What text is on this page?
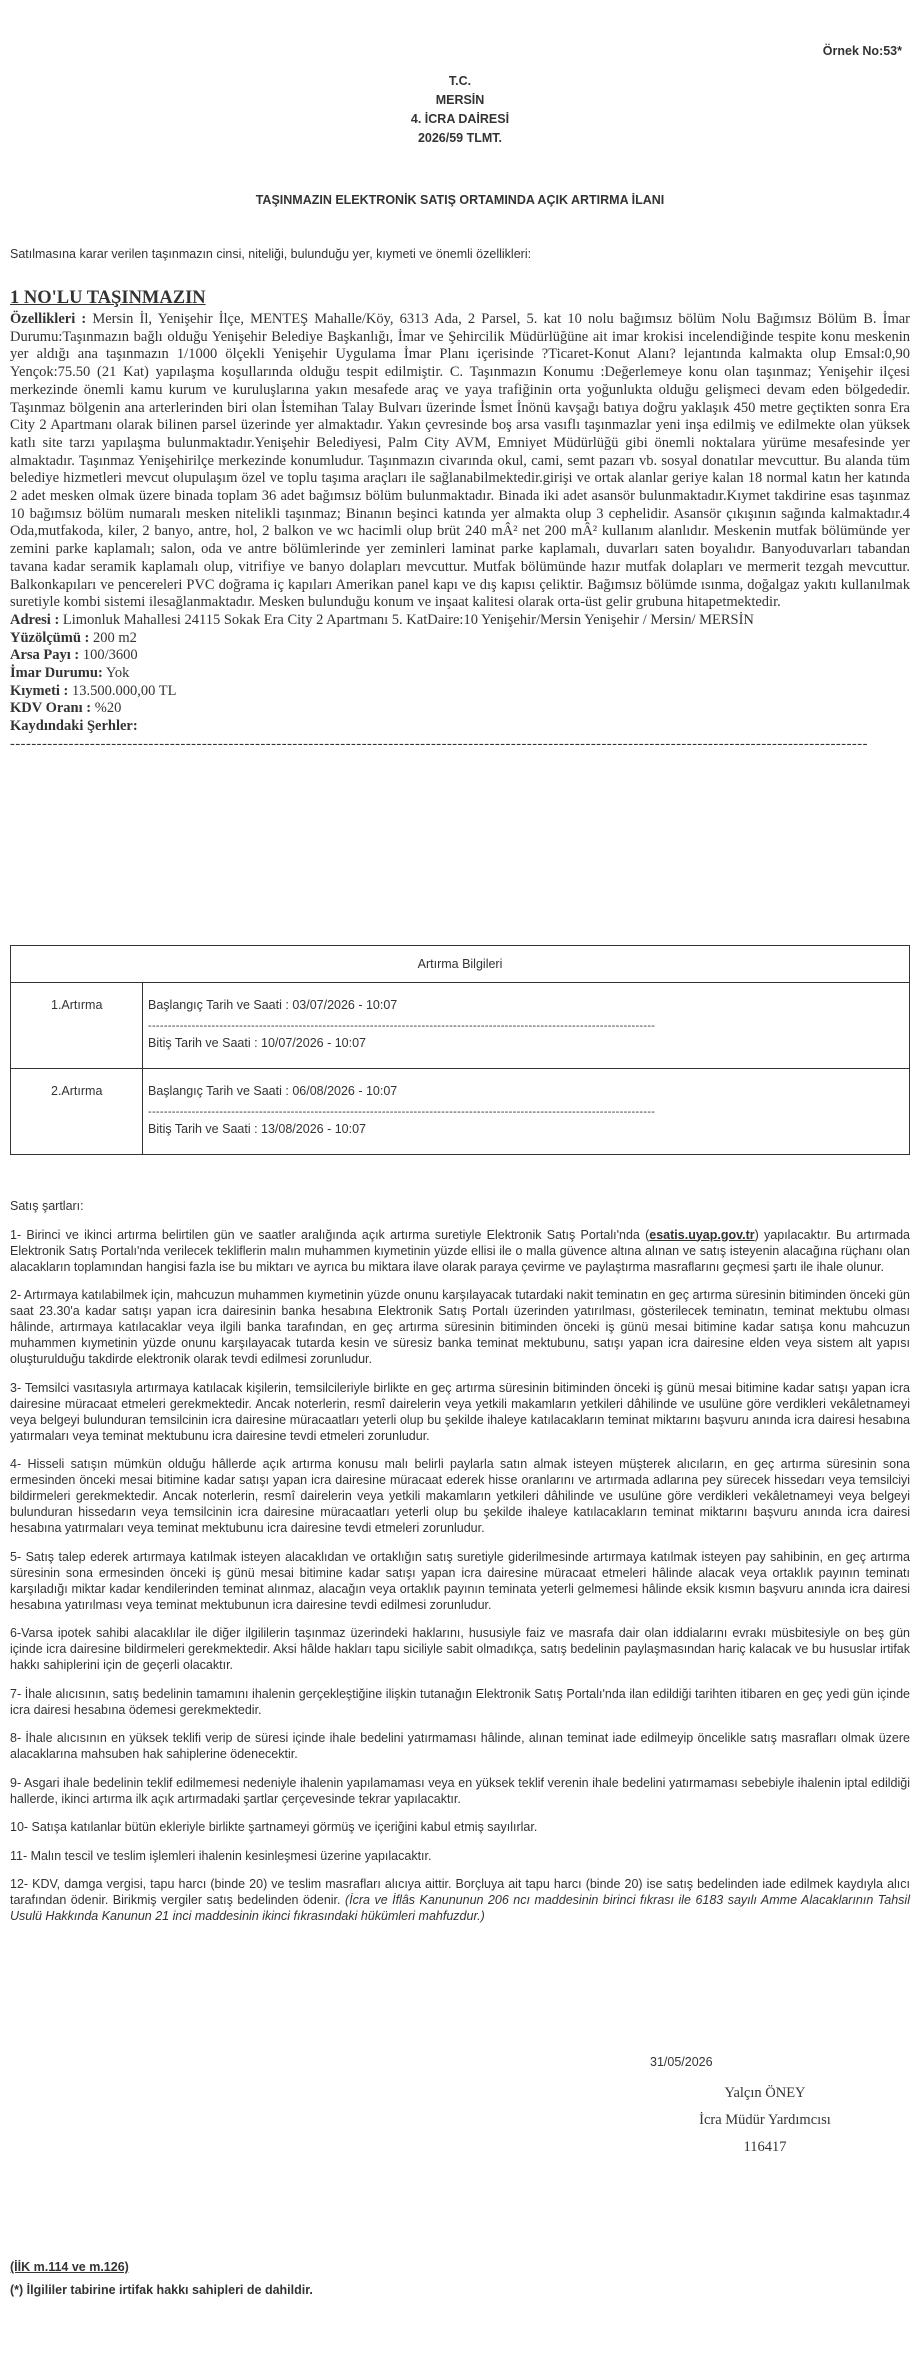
Örnek No:53*
T.C.
MERSİN
4. İCRA DAİRESİ
2026/59 TLMT.
TAŞINMAZIN ELEKTRONİK SATIŞ ORTAMINDA AÇIK ARTIRMA İLANI
Satılmasına karar verilen taşınmazın cinsi, niteliği, bulunduğu yer, kıymeti ve önemli özellikleri:
1 NO'LU TAŞINMAZIN
Özellikleri : Mersin İl, Yenişehir İlçe, MENTEŞ Mahalle/Köy, 6313 Ada, 2 Parsel, 5. kat 10 nolu bağımsız bölüm Nolu Bağımsız Bölüm B. İmar Durumu:Taşınmazın bağlı olduğu Yenişehir Belediye Başkanlığı, İmar ve Şehircilik Müdürlüğüne ait imar krokisi incelendiğinde tespite konu meskenin yer aldığı ana taşınmazın 1/1000 ölçekli Yenişehir Uygulama İmar Planı içerisinde ?Ticaret-Konut Alanı? lejantında kalmakta olup Emsal:0,90 Yençok:75.50 (21 Kat) yapılaşma koşullarında olduğu tespit edilmiştir. C. Taşınmazın Konumu :Değerlemeye konu olan taşınmaz; Yenişehir ilçesi merkezinde önemli kamu kurum ve kuruluşlarına yakın mesafede araç ve yaya trafiğinin orta yoğunlukta olduğu gelişmeci devam eden bölgededir. Taşınmaz bölgenin ana arterlerinden biri olan İstemihan Talay Bulvarı üzerinde İsmet İnönü kavşağı batıya doğru yaklaşık 450 metre geçtikten sonra Era City 2 Apartmanı olarak bilinen parsel üzerinde yer almaktadır. Yakın çevresinde boş arsa vasıflı taşınmazlar yeni inşa edilmiş ve edilmekte olan yüksek katlı site tarzı yapılaşma bulunmaktadır.Yenişehir Belediyesi, Palm City AVM, Emniyet Müdürlüğü gibi önemli noktalara yürüme mesafesinde yer almaktadır. Taşınmaz Yenişehirilçe merkezinde konumludur. Taşınmazın civarında okul, cami, semt pazarı vb. sosyal donatılar mevcuttur. Bu alanda tüm belediye hizmetleri mevcut olupulaşım özel ve toplu taşıma araçları ile sağlanabilmektedir.girişi ve ortak alanlar geriye kalan 18 normal katın her katında 2 adet mesken olmak üzere binada toplam 36 adet bağımsız bölüm bulunmaktadır. Binada iki adet asansör bulunmaktadır.Kıymet takdirine esas taşınmaz 10 bağımsız bölüm numaralı mesken nitelikli taşınmaz; Binanın beşinci katında yer almakta olup 3 cephelidir. Asansör çıkışının sağında kalmaktadır.4 Oda,mutfakoda, kiler, 2 banyo, antre, hol, 2 balkon ve wc hacimli olup brüt 240 mÂ² net 200 mÂ² kullanım alanlıdır. Meskenin mutfak bölümünde yer zemini parke kaplamalı; salon, oda ve antre bölümlerinde yer zeminleri laminat parke kaplamalı, duvarları saten boyalıdır. Banyoduvarları tabandan tavana kadar seramik kaplamalı olup, vitrifiye ve banyo dolapları mevcuttur. Mutfak bölümünde hazır mutfak dolapları ve mermerit tezgah mevcuttur. Balkonkapıları ve pencereleri PVC doğrama iç kapıları Amerikan panel kapı ve dış kapısı çeliktir. Bağımsız bölümde ısınma, doğalgaz yakıtı kullanılmak suretiyle kombi sistemi ilesağlanmaktadır. Mesken bulunduğu konum ve inşaat kalitesi olarak orta-üst gelir grubuna hitapetmektedir.
Adresi : Limonluk Mahallesi 24115 Sokak Era City 2 Apartmanı 5. KatDaire:10 Yenişehir/Mersin Yenişehir / Mersin/ MERSİN
Yüzölçümü : 200 m2
Arsa Payı : 100/3600
İmar Durumu: Yok
Kıymeti : 13.500.000,00 TL
KDV Oranı : %20
Kaydındaki Şerhler:
-----------------------------------------------------------------------------------------------------------------------------------------------------------------
Artırma Bilgileri	
1.Artırma	Başlangıç Tarih ve Saati : 03/07/2026 - 10:07
--------------------------------------------------------------------------------------------------------------------------------
Bitiş Tarih ve Saati : 10/07/2026 - 10:07

2.Artırma	Başlangıç Tarih ve Saati : 06/08/2026 - 10:07
--------------------------------------------------------------------------------------------------------------------------------
Bitiş Tarih ve Saati : 13/08/2026 - 10:07

Satış şartları:

1- Birinci ve ikinci artırma belirtilen gün ve saatler aralığında açık artırma suretiyle Elektronik Satış Portalı'nda (esatis.uyap.gov.tr) yapılacaktır. Bu artırmada Elektronik Satış Portalı'nda verilecek tekliflerin malın muhammen kıymetinin yüzde ellisi ile o malla güvence altına alınan ve satış isteyenin alacağına rüçhanı olan alacakların toplamından hangisi fazla ise bu miktarı ve ayrıca bu miktara ilave olarak paraya çevirme ve paylaştırma masraflarını geçmesi şartı ile ihale olunur.

2- Artırmaya katılabilmek için, mahcuzun muhammen kıymetinin yüzde onunu karşılayacak tutardaki nakit teminatın en geç artırma süresinin bitiminden önceki gün saat 23.30'a kadar satışı yapan icra dairesinin banka hesabına Elektronik Satış Portalı üzerinden yatırılması, gösterilecek teminatın, teminat mektubu olması hâlinde, artırmaya katılacaklar veya ilgili banka tarafından, en geç artırma süresinin bitiminden önceki iş günü mesai bitimine kadar satışa konu mahcuzun muhammen kıymetinin yüzde onunu karşılayacak tutarda kesin ve süresiz banka teminat mektubunu, satışı yapan icra dairesine elden veya sistem alt yapısı oluşturulduğu takdirde elektronik olarak tevdi edilmesi zorunludur.

3- Temsilci vasıtasıyla artırmaya katılacak kişilerin, temsilcileriyle birlikte en geç artırma süresinin bitiminden önceki iş günü mesai bitimine kadar satışı yapan icra dairesine müracaat etmeleri gerekmektedir. Ancak noterlerin, resmî dairelerin veya yetkili makamların yetkileri dâhilinde ve usulüne göre verdikleri vekâletnameyi veya belgeyi bulunduran temsilcinin icra dairesine müracaatları yeterli olup bu şekilde ihaleye katılacakların teminat miktarını başvuru anında icra dairesi hesabına yatırmaları veya teminat mektubunu icra dairesine tevdi etmeleri zorunludur.

4- Hisseli satışın mümkün olduğu hâllerde açık artırma konusu malı belirli paylarla satın almak isteyen müşterek alıcıların, en geç artırma süresinin sona ermesinden önceki mesai bitimine kadar satışı yapan icra dairesine müracaat ederek hisse oranlarını ve artırmada adlarına pey sürecek hissedarı veya temsilciyi bildirmeleri gerekmektedir. Ancak noterlerin, resmî dairelerin veya yetkili makamların yetkileri dâhilinde ve usulüne göre verdikleri vekâletnameyi veya belgeyi bulunduran hissedarın veya temsilcinin icra dairesine müracaatları yeterli olup bu şekilde ihaleye katılacakların teminat miktarını başvuru anında icra dairesi hesabına yatırmaları veya teminat mektubunu icra dairesine tevdi etmeleri zorunludur.

5- Satış talep ederek artırmaya katılmak isteyen alacaklıdan ve ortaklığın satış suretiyle giderilmesinde artırmaya katılmak isteyen pay sahibinin, en geç artırma süresinin sona ermesinden önceki iş günü mesai bitimine kadar satışı yapan icra dairesine müracaat etmeleri hâlinde alacak veya ortaklık payının teminatı karşıladığı miktar kadar kendilerinden teminat alınmaz, alacağın veya ortaklık payının teminata yeterli gelmemesi hâlinde eksik kısmın başvuru anında icra dairesi hesabına yatırılması veya teminat mektubunun icra dairesine tevdi edilmesi zorunludur.

6-Varsa ipotek sahibi alacaklılar ile diğer ilgililerin taşınmaz üzerindeki haklarını, hususiyle faiz ve masrafa dair olan iddialarını evrakı müsbitesiyle on beş gün içinde icra dairesine bildirmeleri gerekmektedir. Aksi hâlde hakları tapu siciliyle sabit olmadıkça, satış bedelinin paylaşmasından hariç kalacak ve bu hususlar irtifak hakkı sahiplerini için de geçerli olacaktır.

7- İhale alıcısının, satış bedelinin tamamını ihalenin gerçekleştiğine ilişkin tutanağın Elektronik Satış Portalı'nda ilan edildiği tarihten itibaren en geç yedi gün içinde icra dairesi hesabına ödemesi gerekmektedir.

8- İhale alıcısının en yüksek teklifi verip de süresi içinde ihale bedelini yatırmaması hâlinde, alınan teminat iade edilmeyip öncelikle satış masrafları olmak üzere alacaklarına mahsuben hak sahiplerine ödenecektir.

9- Asgari ihale bedelinin teklif edilmemesi nedeniyle ihalenin yapılamaması veya en yüksek teklif verenin ihale bedelini yatırmaması sebebiyle ihalenin iptal edildiği hallerde, ikinci artırma ilk açık artırmadaki şartlar çerçevesinde tekrar yapılacaktır.

10- Satışa katılanlar bütün ekleriyle birlikte şartnameyi görmüş ve içeriğini kabul etmiş sayılırlar.

11- Malın tescil ve teslim işlemleri ihalenin kesinleşmesi üzerine yapılacaktır.

12- KDV, damga vergisi, tapu harcı (binde 20) ve teslim masrafları alıcıya aittir. Borçluya ait tapu harcı (binde 20) ise satış bedelinden iade edilmek kaydıyla alıcı tarafından ödenir. Birikmiş vergiler satış bedelinden ödenir. (İcra ve İflâs Kanununun 206 ncı maddesinin birinci fıkrası ile 6183 sayılı Amme Alacaklarının Tahsil Usulü Hakkında Kanunun 21 inci maddesinin ikinci fıkrasındaki hükümleri mahfuzdur.)

31/05/2026
Yalçın ÖNEY
İcra Müdür Yardımcısı
116417
(İİK m.114 ve m.126)
(*) İlgililer tabirine irtifak hakkı sahipleri de dahildir.
